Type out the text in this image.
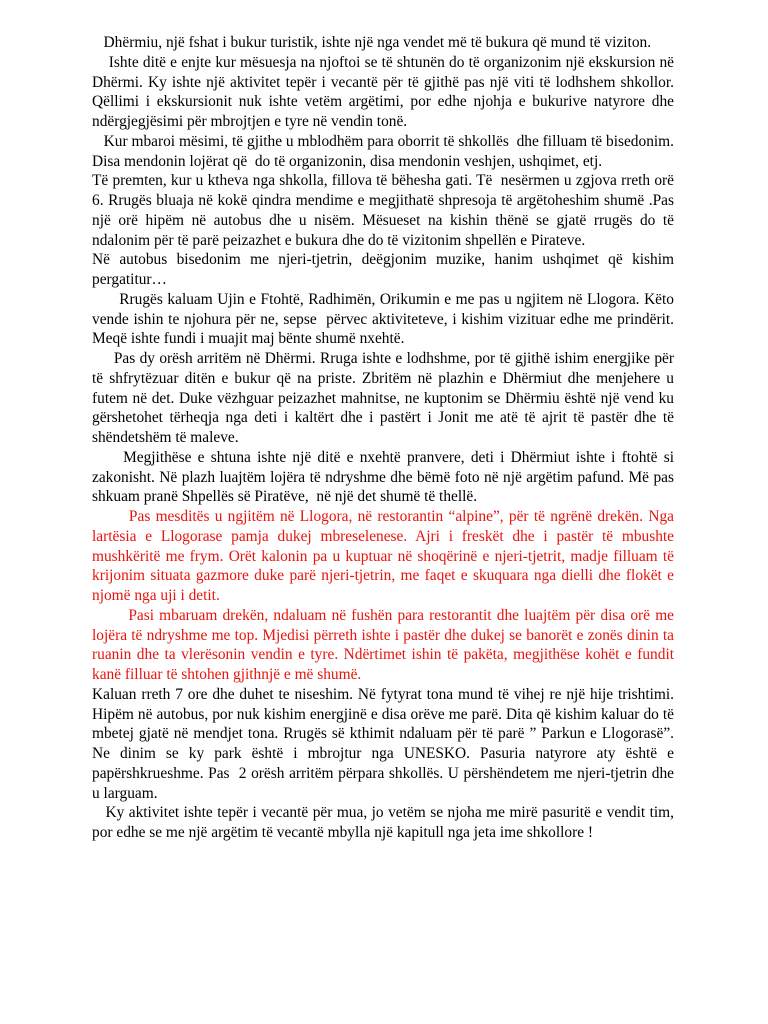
Dhërmiu, një fshat i bukur turistik, ishte një nga vendet më të bukura që mund të viziton.

Ishte ditë e enjte kur mësuesja na njoftoi se të shtunën do të organizonim një ekskursion në Dhërmi. Ky ishte një aktivitet tepër i vecantë për të gjithë pas një viti të lodhshem shkollor. Qëllimi i ekskursionit nuk ishte vetëm argëtimi, por edhe njohja e bukurive natyrore dhe ndërgjegjësimi për mbrojtjen e tyre në vendin tonë.

Kur mbaroi mësimi, të gjithe u mblodhëm para oborrit të shkollës  dhe filluam të bisedonim. Disa mendonin lojërat që  do të organizonin, disa mendonin veshjen, ushqimet, etj.

Të premten, kur u ktheva nga shkolla, fillova të bëhesha gati. Të  nesërmen u zgjova rreth orë 6. Rrugës bluaja në kokë qindra mendime e megjithatë shpresoja të argëtoheshim shumë .Pas një orë hipëm në autobus dhe u nisëm. Mësueset na kishin thënë se gjatë rrugës do të ndalonim për të parë peizazhet e bukura dhe do të vizitonim shpellën e Pirateve.

Në autobus bisedonim me njeri-tjetrin, deëgjonim muzike, hanim ushqimet që kishim pergatitur…

Rrugës kaluam Ujin e Ftohtë, Radhimën, Orikumin e me pas u ngjitem në Llogora. Këto  vende ishin te njohura për ne, sepse  përvec aktiviteteve, i kishim vizituar edhe me prindërit. Meqë ishte fundi i muajit maj bënte shumë nxehtë.

Pas dy orësh arritëm në Dhërmi. Rruga ishte e lodhshme, por të gjithë ishim energjike për të shfrytëzuar ditën e bukur që na priste. Zbritëm në plazhin e Dhërmiut dhe menjehere u futem në det. Duke vëzhguar peizazhet mahnitse, ne kuptonim se Dhërmiu është një vend ku gërshetohet tërheqja nga deti i kaltërt dhe i pastërt i Jonit me atë të ajrit të pastër dhe të shëndetshëm të maleve.

Megjithëse e shtuna ishte një ditë e nxehtë pranvere, deti i Dhërmiut ishte i ftohtë si zakonisht. Në plazh luajtëm lojëra të ndryshme dhe bëmë foto në një argëtim pafund. Më pas shkuam pranë Shpellës së Piratëve,  në një det shumë të thellë.

Pas mesditës u ngjitëm në Llogora, në restorantin “alpine”, për të ngrënë drekën. Nga lartësia e Llogorase pamja dukej mbreselenese. Ajri i freskët dhe i pastër të mbushte mushkëritë me frym. Orët kalonin pa u kuptuar në shoqërinë e njeri-tjetrit, madje filluam të krijonim situata gazmore duke parë njeri-tjetrin, me faqet e skuquara nga dielli dhe flokët e njomë nga uji i detit.

Pasi mbaruam drekën, ndaluam në fushën para restorantit dhe luajtëm për disa orë me lojëra të ndryshme me top. Mjedisi përreth ishte i pastër dhe dukej se banorët e zonës dinin ta ruanin dhe ta vlerësonin vendin e tyre. Ndërtimet ishin të pakëta, megjithëse kohët e fundit kanë filluar të shtohen gjithnjë e më shumë.

Kaluan rreth 7 ore dhe duhet te niseshim. Në fytyrat tona mund të vihej re një hije trishtimi. Hipëm në autobus, por nuk kishim energjinë e disa orëve me parë. Dita që kishim kaluar do të mbetej gjatë në mendjet tona. Rrugës së kthimit ndaluam për të parë ” Parkun e Llogorasë”. Ne dinim se ky park është i mbrojtur nga UNESKO. Pasuria natyrore aty është e papërshkrueshme. Pas  2 orësh arritëm përpara shkollës. U përshëndetem me njeri-tjetrin dhe u larguam.

Ky aktivitet ishte tepër i vecantë për mua, jo vetëm se njoha me mirë pasuritë e vendit tim, por edhe se me një argëtim të vecantë mbylla një kapitull nga jeta ime shkollore !
